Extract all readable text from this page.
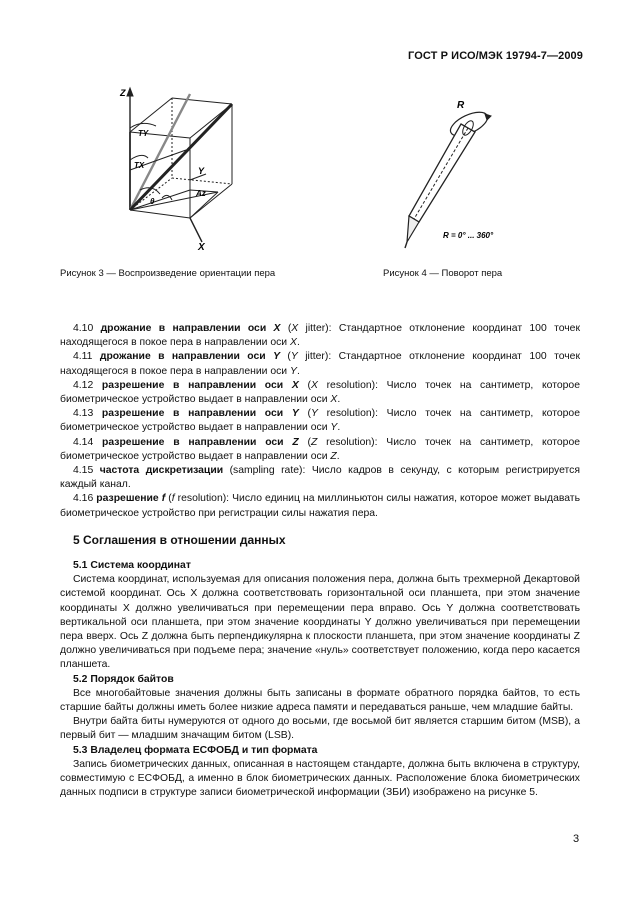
ГОСТ Р ИСО/МЭК 19794-7—2009
Z
X
Y
TY
TX
Az
θ
Рисунок 3 — Воспроизведение ориентации пера
R
R = 0° ... 360°
Рисунок 4 — Поворот пера

4.10 дрожание в направлении оси X (X jitter): Стандартное отклонение координат 100 точек находящегося в покое пера в направлении оси X.

4.11 дрожание в направлении оси Y (Y jitter): Стандартное отклонение координат 100 точек находящегося в покое пера в направлении оси Y.

4.12 разрешение в направлении оси X (X resolution): Число точек на сантиметр, которое биометрическое устройство выдает в направлении оси X.

4.13 разрешение в направлении оси Y (Y resolution): Число точек на сантиметр, которое биометрическое устройство выдает в направлении оси Y.

4.14 разрешение в направлении оси Z (Z resolution): Число точек на сантиметр, которое биометрическое устройство выдает в направлении оси Z.

4.15 частота дискретизации (sampling rate): Число кадров в секунду, с которым регистрируется каждый канал.

4.16 разрешение f (f resolution): Число единиц на миллиньютон силы нажатия, которое может выдавать биометрическое устройство при регистрации силы нажатия пера.

5 Соглашения в отношении данных
5.1 Система координат

Система координат, используемая для описания положения пера, должна быть трехмерной Декартовой системой координат. Ось X должна соответствовать горизонтальной оси планшета, при этом значение координаты X должно увеличиваться при перемещении пера вправо. Ось Y должна соответствовать вертикальной оси планшета, при этом значение координаты Y должно увеличиваться при перемещении пера вверх. Ось Z должна быть перпендикулярна к плоскости планшета, при этом значение координаты Z должно увеличиваться при подъеме пера; значение «нуль» соответствует положению, когда перо касается планшета.

5.2 Порядок байтов

Все многобайтовые значения должны быть записаны в формате обратного порядка байтов, то есть старшие байты должны иметь более низкие адреса памяти и передаваться раньше, чем младшие байты.

Внутри байта биты нумеруются от одного до восьми, где восьмой бит является старшим битом (MSB), а первый бит — младшим значащим битом (LSB).

5.3 Владелец формата ЕСФОБД и тип формата

Запись биометрических данных, описанная в настоящем стандарте, должна быть включена в структуру, совместимую с ЕСФОБД, а именно в блок биометрических данных. Расположение блока биометрических данных подписи в структуре записи биометрической информации (ЗБИ) изображено на рисунке 5.

3
